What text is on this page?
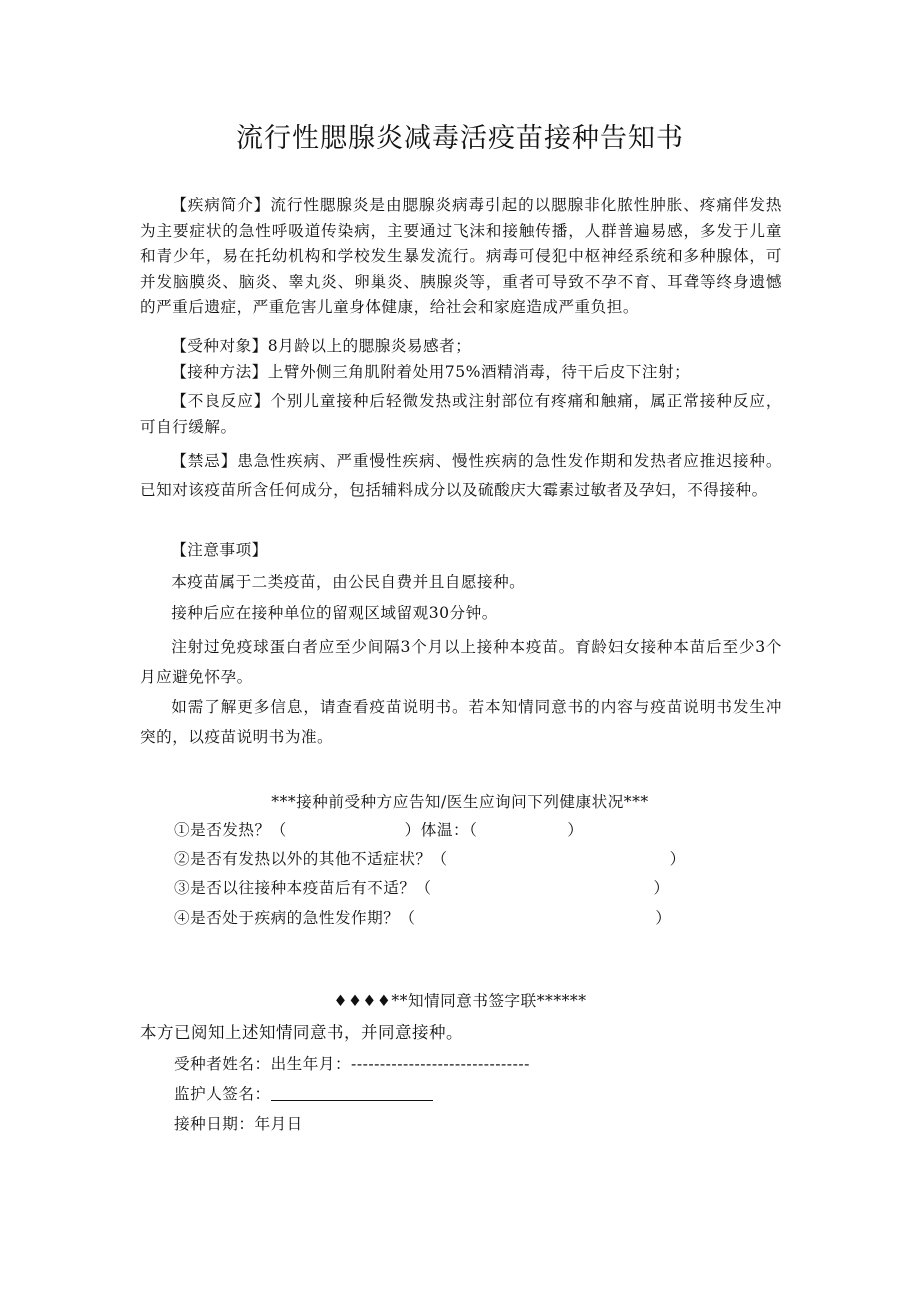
流行性腮腺炎减毒活疫苗接种告知书

【疾病简介】流行性腮腺炎是由腮腺炎病毒引起的以腮腺非化脓性肿胀、疼痛伴发热为主要症状的急性呼吸道传染病，主要通过飞沫和接触传播，人群普遍易感，多发于儿童和青少年，易在托幼机构和学校发生暴发流行。病毒可侵犯中枢神经系统和多种腺体，可并发脑膜炎、脑炎、睾丸炎、卵巢炎、胰腺炎等，重者可导致不孕不育、耳聋等终身遗憾的严重后遗症，严重危害儿童身体健康，给社会和家庭造成严重负担。

【受种对象】8月龄以上的腮腺炎易感者；

【接种方法】上臂外侧三角肌附着处用75%酒精消毒，待干后皮下注射；

【不良反应】个别儿童接种后轻微发热或注射部位有疼痛和触痛，属正常接种反应，可自行缓解。

【禁忌】患急性疾病、严重慢性疾病、慢性疾病的急性发作期和发热者应推迟接种。已知对该疫苗所含任何成分，包括辅料成分以及硫酸庆大霉素过敏者及孕妇，不得接种。

【注意事项】

本疫苗属于二类疫苗，由公民自费并且自愿接种。

接种后应在接种单位的留观区域留观30分钟。

注射过免疫球蛋白者应至少间隔3个月以上接种本疫苗。育龄妇女接种本苗后至少3个月应避免怀孕。

如需了解更多信息，请查看疫苗说明书。若本知情同意书的内容与疫苗说明书发生冲突的，以疫苗说明书为准。

***接种前受种方应告知/医生应询问下列健康状况***

①是否发热？（	）体温：（	）

②是否有发热以外的其他不适症状？（	）

③是否以往接种本疫苗后有不适？（	）

④是否处于疾病的急性发作期？（	）

♦♦♦♦**知情同意书签字联******

本方已阅知上述知情同意书，并同意接种。

受种者姓名：出生年月：-------------------------------

监护人签名：

接种日期：年月日
